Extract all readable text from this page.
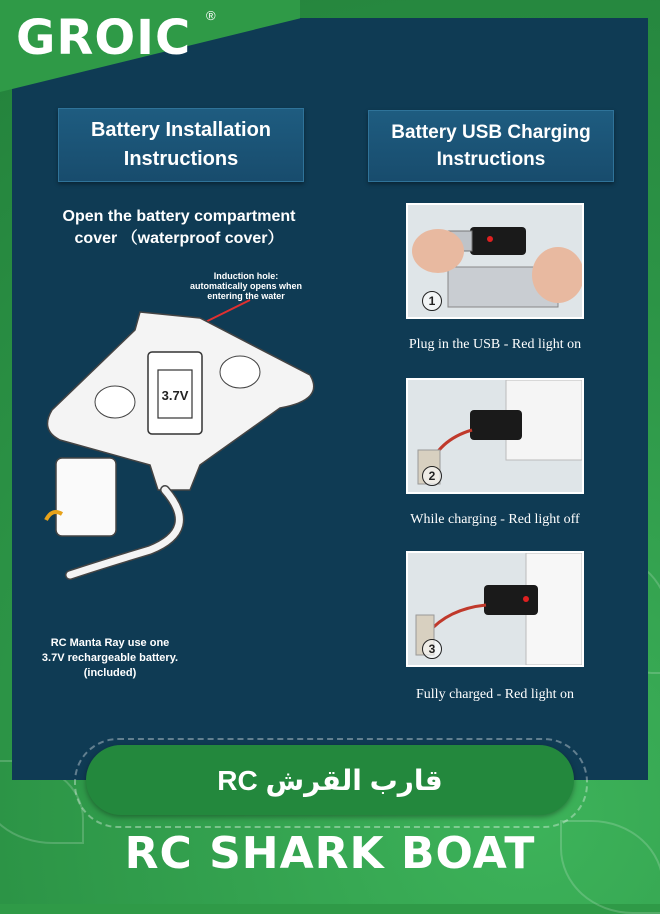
GROIC ®
Battery Installation Instructions
Battery USB Charging Instructions
Open the battery compartment cover （waterproof cover）
Induction hole: automatically opens when entering the water
3.7V
RC Manta Ray use one 3.7V rechargeable battery. (included)
1
Plug in the USB - Red light on
2
While charging - Red light off
3
Fully charged - Red light on
قارب القرش RC
RC SHARK BOAT
